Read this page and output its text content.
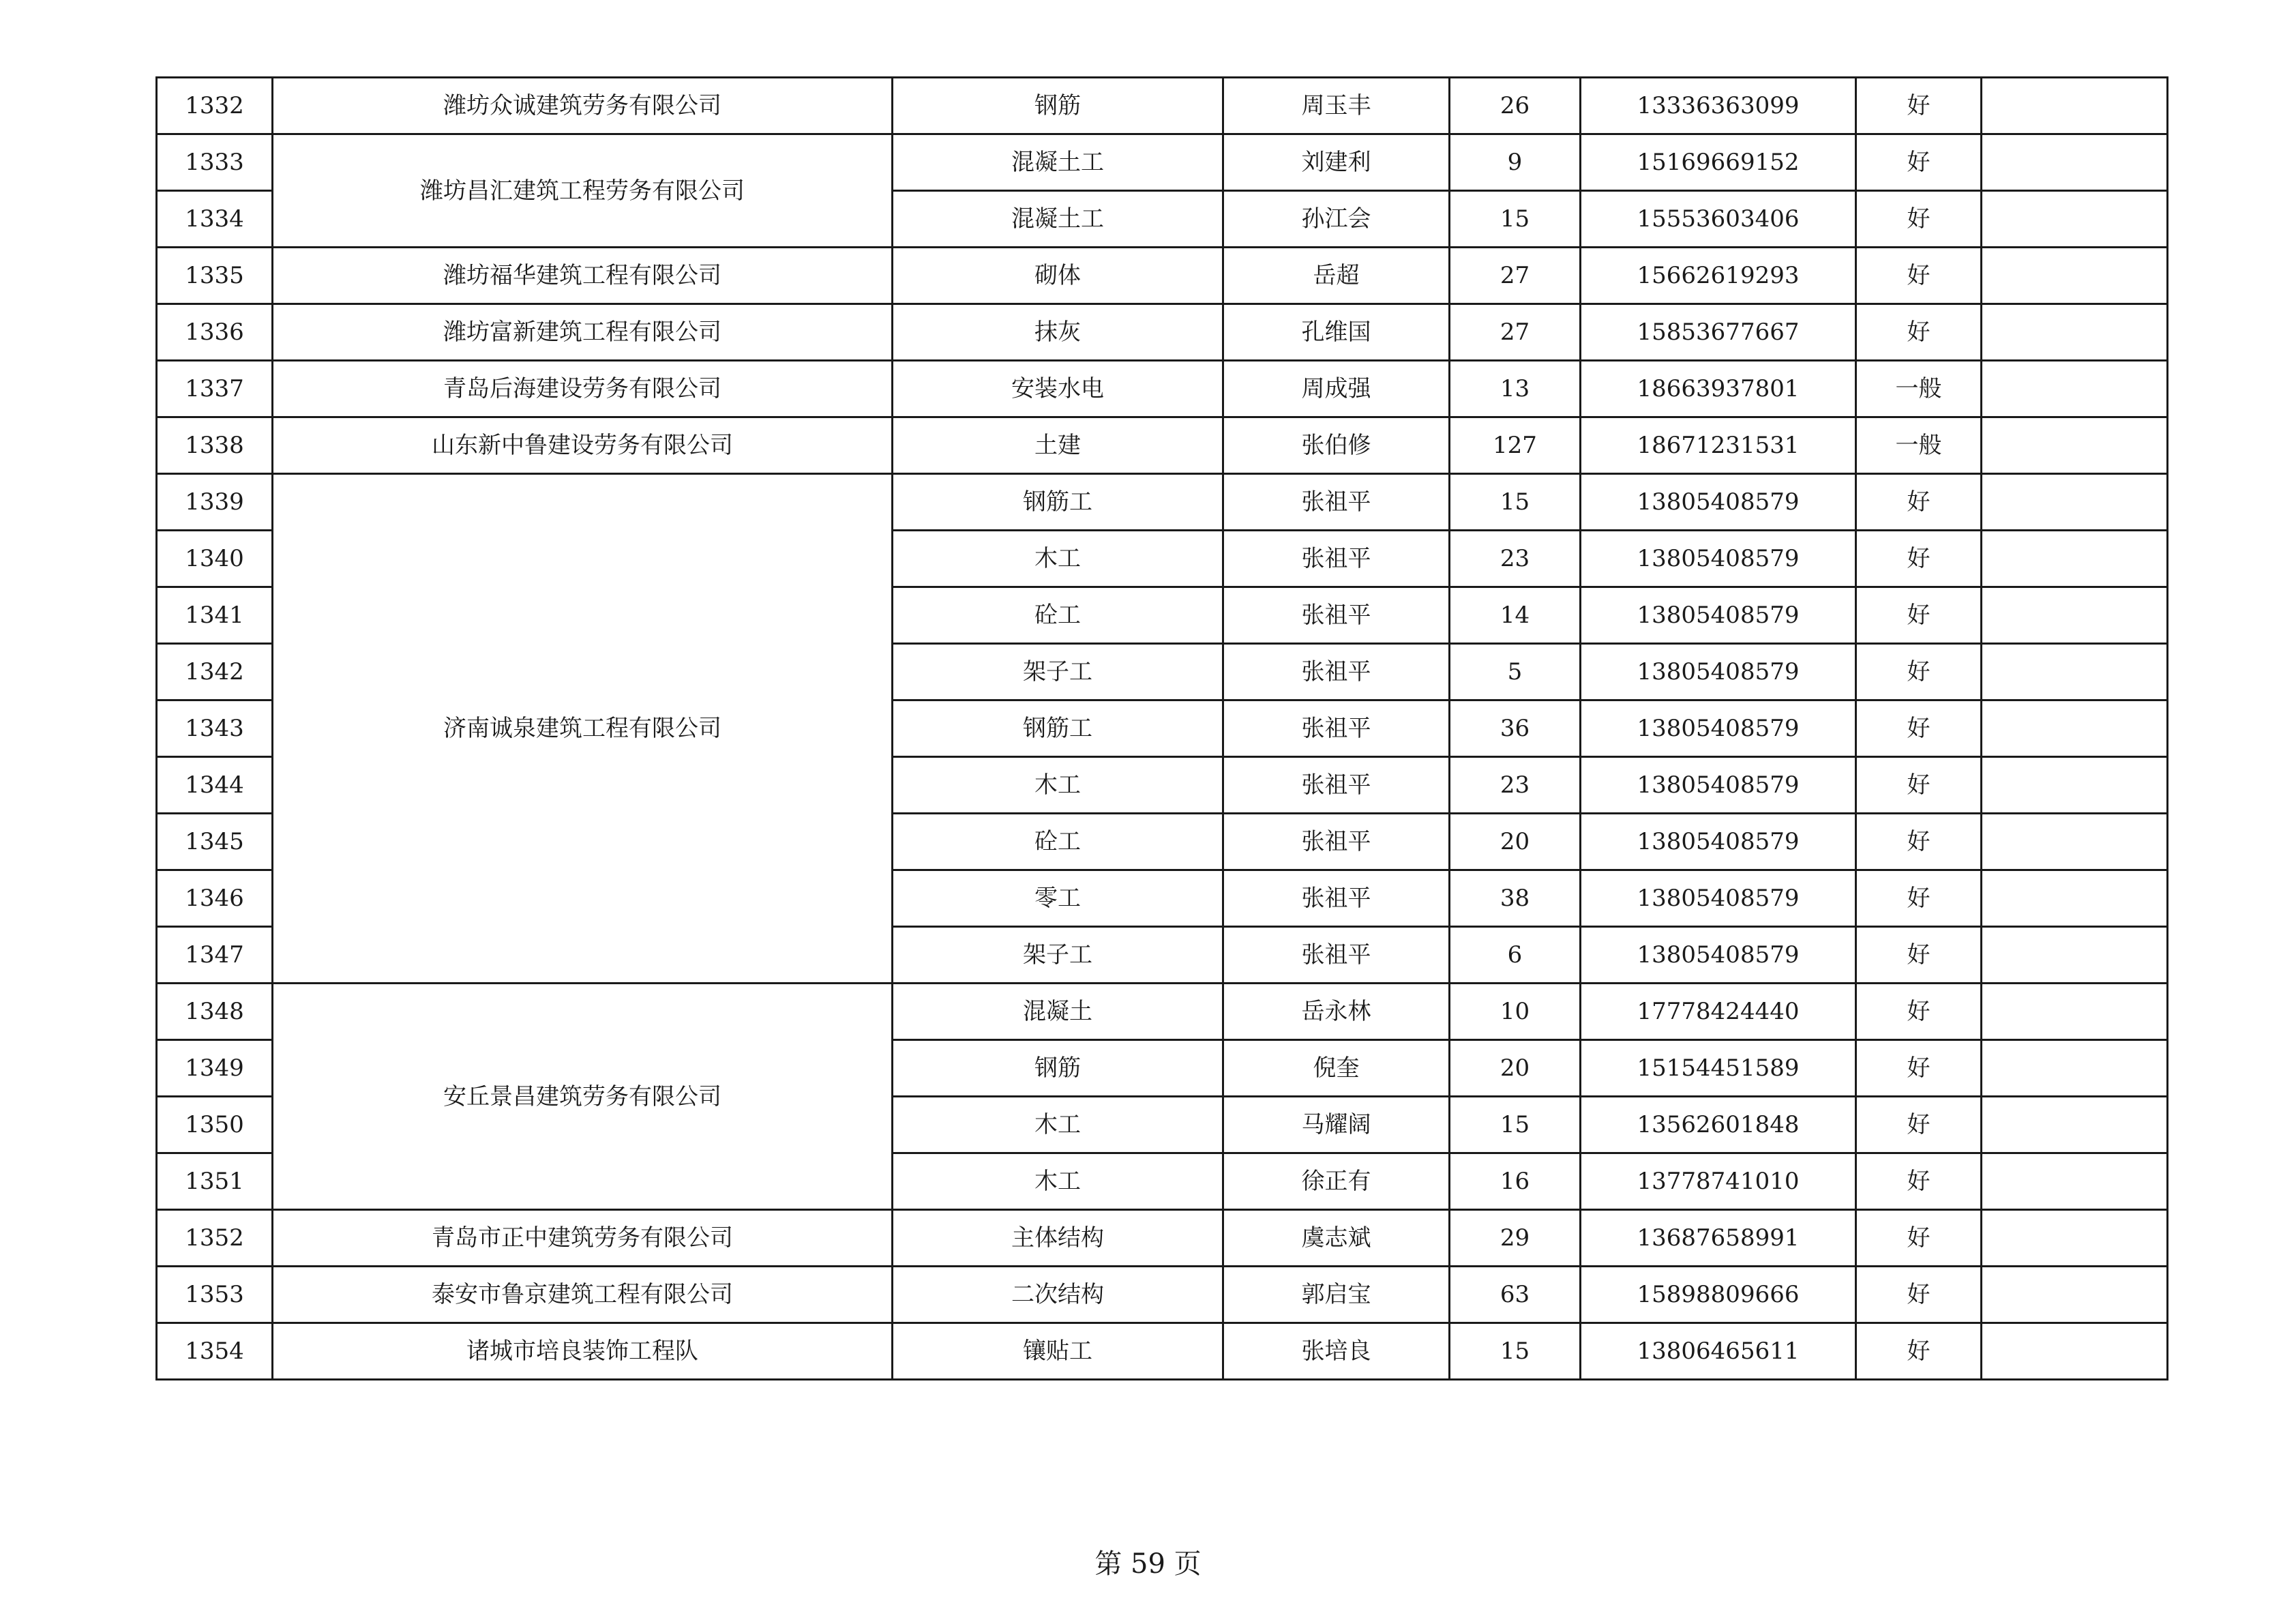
1332	潍坊众诚建筑劳务有限公司	钢筋	周玉丰	26	13336363099	好	
1333	潍坊昌汇建筑工程劳务有限公司	混凝土工	刘建利	9	15169669152	好	
1334		混凝土工	孙江会	15	15553603406	好	
1335	潍坊福华建筑工程有限公司	砌体	岳超	27	15662619293	好	
1336	潍坊富新建筑工程有限公司	抹灰	孔维国	27	15853677667	好	
1337	青岛后海建设劳务有限公司	安装水电	周成强	13	18663937801	一般	
1338	山东新中鲁建设劳务有限公司	土建	张伯修	127	18671231531	一般	
1339	济南诚泉建筑工程有限公司	钢筋工	张祖平	15	13805408579	好	
1340		木工	张祖平	23	13805408579	好	
1341		砼工	张祖平	14	13805408579	好	
1342		架子工	张祖平	5	13805408579	好	
1343		钢筋工	张祖平	36	13805408579	好	
1344		木工	张祖平	23	13805408579	好	
1345		砼工	张祖平	20	13805408579	好	
1346		零工	张祖平	38	13805408579	好	
1347		架子工	张祖平	6	13805408579	好	
1348	安丘景昌建筑劳务有限公司	混凝土	岳永林	10	17778424440	好	
1349		钢筋	倪奎	20	15154451589	好	
1350		木工	马耀阔	15	13562601848	好	
1351		木工	徐正有	16	13778741010	好	
1352	青岛市正中建筑劳务有限公司	主体结构	虞志斌	29	13687658991	好	
1353	泰安市鲁京建筑工程有限公司	二次结构	郭启宝	63	15898809666	好	
1354	诸城市培良装饰工程队	镶贴工	张培良	15	13806465611	好	
第 59 页
